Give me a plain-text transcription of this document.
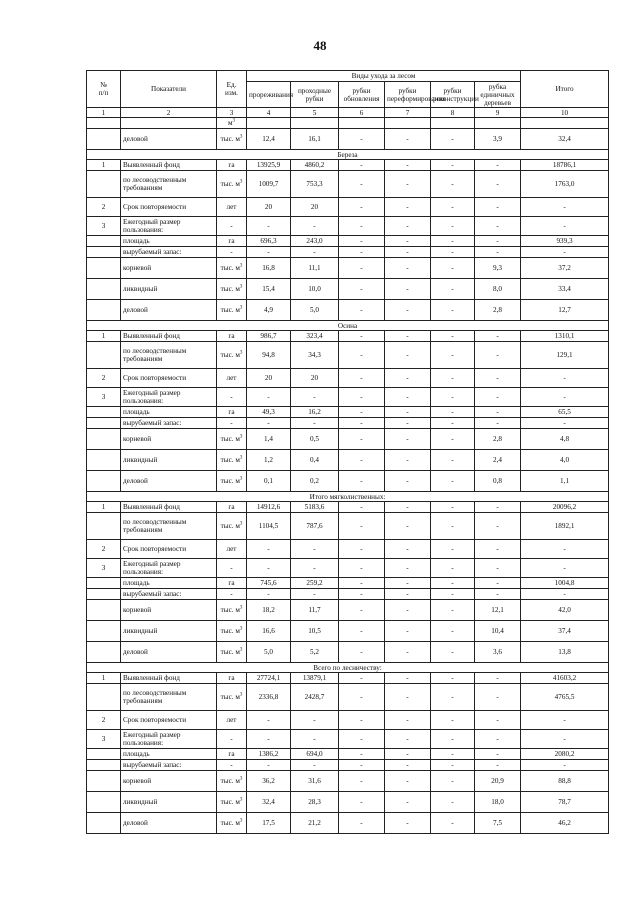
48
№
п/п	Показатели	Ед.
изм.	Виды ухода за лесом						Итого
			прореживания	проходные рубки	рубки обновления	рубки переформирования	рубки реконструкции	рубка единичных деревьев	
1	2	3	4	5	6	7	8	9	10
		$м^3$							
	деловой	тыс. $м^3$	12,4	16,1	-	-	-	3,9	32,4
Береза									
1	Выявленный фонд	га	13925,9	4860,2	-	-	-	-	18786,1
	по лесоводственным требованиям	тыс. $м^3$	1009,7	753,3	-	-	-	-	1763,0
2	Срок повторяемости	лет	20	20	-	-	-	-	-
3	Ежегодный размер пользования:	-	-	-	-	-	-	-	-
	площадь	га	696,3	243,0	-	-	-	-	939,3
	вырубаемый запас:	-	-	-	-	-	-	-	-
	корневой	тыс. $м^3$	16,8	11,1	-	-	-	9,3	37,2
	ликвидный	тыс. $м^3$	15,4	10,0	-	-	-	8,0	33,4
	деловой	тыс. $м^3$	4,9	5,0	-	-	-	2,8	12,7
Осина									
1	Выявленный фонд	га	986,7	323,4	-	-	-	-	1310,1
	по лесоводственным требованиям	тыс. $м^3$	94,8	34,3	-	-	-	-	129,1
2	Срок повторяемости	лет	20	20	-	-	-	-	-
3	Ежегодный размер пользования:	-	-	-	-	-	-	-	-
	площадь	га	49,3	16,2	-	-	-	-	65,5
	вырубаемый запас:	-	-	-	-	-	-	-	-
	корневой	тыс. $м^3$	1,4	0,5	-	-	-	2,8	4,8
	ликвидный	тыс. $м^3$	1,2	0,4	-	-	-	2,4	4,0
	деловой	тыс. $м^3$	0,1	0,2	-	-	-	0,8	1,1
Итого мягколиственных:									
1	Выявленный фонд	га	14912,6	5183,6	-	-	-	-	20096,2
	по лесоводственным требованиям	тыс. $м^3$	1104,5	787,6	-	-	-	-	1892,1
2	Срок повторяемости	лет	-	-	-	-	-	-	-
3	Ежегодный размер пользования:	-	-	-	-	-	-	-	-
	площадь	га	745,6	259,2	-	-	-	-	1004,8
	вырубаемый запас:	-	-	-	-	-	-	-	-
	корневой	тыс. $м^3$	18,2	11,7	-	-	-	12,1	42,0
	ликвидный	тыс. $м^3$	16,6	10,5	-	-	-	10,4	37,4
	деловой	тыс. $м^3$	5,0	5,2	-	-	-	3,6	13,8
Всего по лесничеству:									
1	Выявленный фонд	га	27724,1	13879,1	-	-	-	-	41603,2
	по лесоводственным требованиям	тыс. $м^3$	2336,8	2428,7	-	-	-	-	4765,5
2	Срок повторяемости	лет	-	-	-	-	-	-	-
3	Ежегодный размер пользования:	-	-	-	-	-	-	-	-
	площадь	га	1386,2	694,0	-	-	-	-	2080,2
	вырубаемый запас:	-	-	-	-	-	-	-	-
	корневой	тыс. $м^3$	36,2	31,6	-	-	-	20,9	88,8
	ликвидный	тыс. $м^3$	32,4	28,3	-	-	-	18,0	78,7
	деловой	тыс. $м^3$	17,5	21,2	-	-	-	7,5	46,2
